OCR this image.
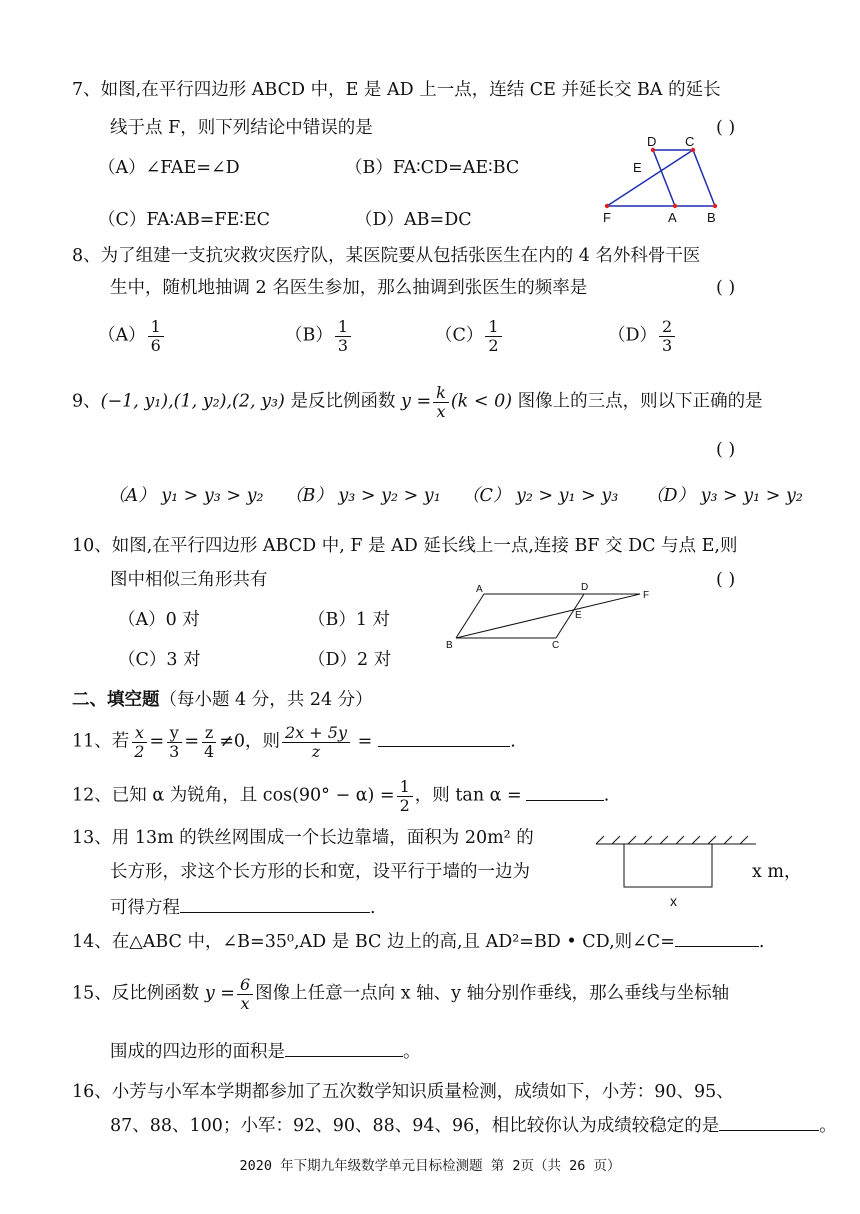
7、如图,在平行四边形 ABCD 中，E 是 AD 上一点，连结 CE 并延长交 BA 的延长
线于点 F，则下列结论中错误的是	( )
（A）∠FAE=∠D	（B）FA∶CD=AE∶BC
（C）FA∶AB=FE∶EC	（D）AB=DC
D C
E
F	A B
8、为了组建一支抗灾救灾医疗队，某医院要从包括张医生在内的 4 名外科骨干医
生中，随机地抽调 2 名医生参加，那么抽调到张医生的频率是	( )
$(A) \frac{1}{6}$	$(B) \frac{1}{3}$	$(C) \frac{1}{2}$	$(D) \frac{2}{3}$
9、(−1, y₁),(1, y₂),(2, y₃) 是反比例函数 $y = \frac{k}{x} (k < 0)$ 图像上的三点，则以下正确的是
( )
（A） y₁ > y₃ > y₂ （B） y₃ > y₂ > y₁ （C） y₂ > y₁ > y₃ （D） y₃ > y₁ > y₂
10、如图,在平行四边形 ABCD 中, F 是 AD 延长线上一点,连接 BF 交 DC 与点 E,则
图中相似三角形共有	( )
（A）0 对	（B）1 对
（C）3 对	（D）2 对
A	D
F
E
B	C
二、填空题（每小题 4 分，共 24 分）
11、若 $\frac{x}{2} = \frac{y}{3} = \frac{z}{4} \ne 0$，则 $\frac{2x + 5y}{z}$ =	.
12、已知 α 为锐角，且 $\cos(90^\circ - \alpha) = \frac{1}{2}$ ，则 tan α =	.
13、用 13m 的铁丝网围成一个长边靠墙，面积为 20m² 的
长方形，求这个长方形的长和宽，设平行于墙的一边为	x m，
可得方程	.	x
14、在△ABC 中，∠B=35⁰,AD 是 BC 边上的高,且 AD²=BD • CD,则∠C=	.
15、反比例函数 $y = \frac{6}{x}$ 图像上任意一点向 x 轴、y 轴分别作垂线，那么垂线与坐标轴
围成的四边形的面积是	。
16、小芳与小军本学期都参加了五次数学知识质量检测，成绩如下，小芳：90、95、
87、88、100；小军：92、90、88、94、96，相比较你认为成绩较稳定的是	。
2020 年下期九年级数学单元目标检测题 第 2页（共 26 页）
